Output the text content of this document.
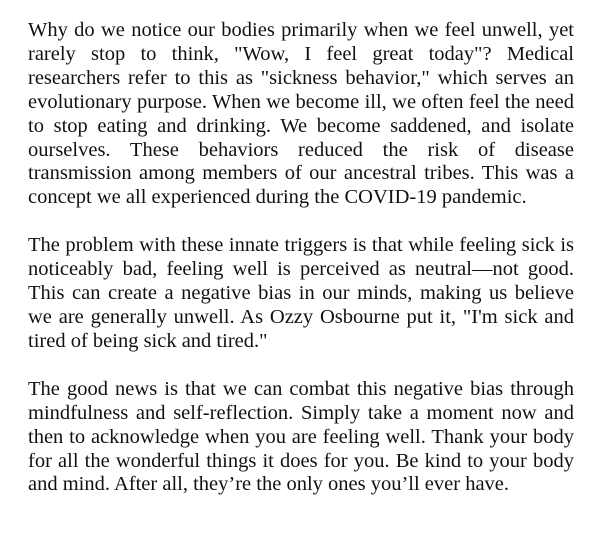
Why do we notice our bodies primarily when we feel unwell, yet rarely stop to think, "Wow, I feel great today"? Medical researchers refer to this as "sickness behavior," which serves an evolutionary purpose. When we become ill, we often feel the need to stop eating and drinking. We become saddened, and isolate ourselves. These behaviors reduced the risk of disease transmission among members of our ancestral tribes. This was a concept we all experienced during the COVID-19 pandemic.

The problem with these innate triggers is that while feeling sick is noticeably bad, feeling well is perceived as neutral—not good. This can create a negative bias in our minds, making us believe we are generally unwell. As Ozzy Osbourne put it, "I'm sick and tired of being sick and tired."

The good news is that we can combat this negative bias through mindfulness and self-reflection. Simply take a moment now and then to acknowledge when you are feeling well. Thank your body for all the wonderful things it does for you. Be kind to your body and mind. After all, they’re the only ones you’ll ever have.
